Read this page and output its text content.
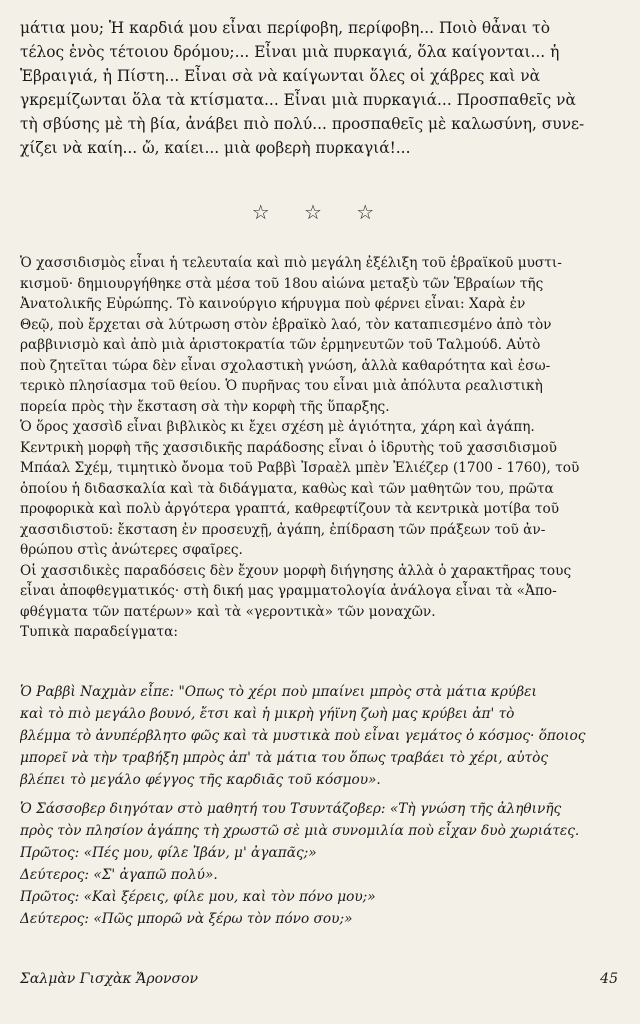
μάτια μου; Ἡ καρδιά μου εἶναι περίφοβη, περίφοβη... Ποιὸ θἆναι τὸ
τέλος ἑνὸς τέτοιου δρόμου;... Εἶναι μιὰ πυρκαγιά, ὅλα καίγονται... ἡ
Ἑβραιγιά, ἡ Πίστη... Εἶναι σὰ νὰ καίγωνται ὅλες οἱ χάβρες καὶ νὰ
γκρεμίζωνται ὅλα τὰ κτίσματα... Εἶναι μιὰ πυρκαγιά... Προσπαθεῖς νὰ
τὴ σβύσης μὲ τὴ βία, ἀνάβει πιὸ πολύ... προσπαθεῖς μὲ καλωσύνη, συνε-
χίζει νὰ καίη... ὤ, καίει... μιὰ φοβερὴ πυρκαγιά!...

☆ ☆ ☆

Ὁ χασσιδισμὸς εἶναι ἡ τελευταία καὶ πιὸ μεγάλη ἐξέλιξη τοῦ ἑβραϊκοῦ μυστι-
κισμοῦ· δημιουργήθηκε στὰ μέσα τοῦ 18ου αἰώνα μεταξὺ τῶν Ἑβραίων τῆς
Ἀνατολικῆς Εὐρώπης. Τὸ καινούργιο κήρυγμα ποὺ φέρνει εἶναι: Χαρὰ ἐν
Θεῷ, ποὺ ἔρχεται σὰ λύτρωση στὸν ἑβραϊκὸ λαό, τὸν καταπιεσμένο ἀπὸ τὸν
ραββινισμὸ καὶ ἀπὸ μιὰ ἀριστοκρατία τῶν ἑρμηνευτῶν τοῦ Ταλμούδ. Αὐτὸ
ποὺ ζητεῖται τώρα δὲν εἶναι σχολαστικὴ γνώση, ἀλλὰ καθαρότητα καὶ ἐσω-
τερικὸ πλησίασμα τοῦ θείου. Ὁ πυρῆνας του εἶναι μιὰ ἀπόλυτα ρεαλιστικὴ
πορεία πρὸς τὴν ἔκσταση σὰ τὴν κορφὴ τῆς ὕπαρξης.
Ὁ ὅρος χασσὶδ εἶναι βιβλικὸς κι ἔχει σχέση μὲ ἁγιότητα, χάρη καὶ ἀγάπη.
Κεντρικὴ μορφὴ τῆς χασσιδικῆς παράδοσης εἶναι ὁ ἱδρυτὴς τοῦ χασσιδισμοῦ
Μπάαλ Σχέμ, τιμητικὸ ὄνομα τοῦ Ραββὶ Ἰσραὲλ μπὲν Ἐλιέζερ (1700 - 1760), τοῦ
ὁποίου ἡ διδασκαλία καὶ τὰ διδάγματα, καθὼς καὶ τῶν μαθητῶν του, πρῶτα
προφορικὰ καὶ πολὺ ἀργότερα γραπτά, καθρεφτίζουν τὰ κεντρικὰ μοτίβα τοῦ
χασσιδιστοῦ: ἔκσταση ἐν προσευχῇ, ἀγάπη, ἐπίδραση τῶν πράξεων τοῦ ἀν-
θρώπου στὶς ἀνώτερες σφαῖρες.
Οἱ χασσιδικὲς παραδόσεις δὲν ἔχουν μορφὴ διήγησης ἀλλὰ ὁ χαρακτῆρας τους
εἶναι ἀποφθεγματικός· στὴ δική μας γραμματολογία ἀνάλογα εἶναι τὰ «Ἀπο-
φθέγματα τῶν πατέρων» καὶ τὰ «γεροντικὰ» τῶν μοναχῶν.
Τυπικὰ παραδείγματα:

Ὁ Ραββὶ Ναχμὰν εἶπε: "Οπως τὸ χέρι ποὺ μπαίνει μπρὸς στὰ μάτια κρύβει
καὶ τὸ πιὸ μεγάλο βουνό, ἔτσι καὶ ἡ μικρὴ γήϊνη ζωὴ μας κρύβει ἀπ' τὸ
βλέμμα τὸ ἀνυπέρβλητο φῶς καὶ τὰ μυστικὰ ποὺ εἶναι γεμάτος ὁ κόσμος· ὅποιος
μπορεῖ νὰ τὴν τραβήξη μπρὸς ἀπ' τὰ μάτια του ὅπως τραβάει τὸ χέρι, αὐτὸς
βλέπει τὸ μεγάλο φέγγος τῆς καρδιᾶς τοῦ κόσμου».

Ὁ Σάσσοβερ διηγόταν στὸ μαθητή του Τσυντάζοβερ: «Τὴ γνώση τῆς ἀληθινῆς
πρὸς τὸν πλησίον ἀγάπης τὴ χρωστῶ σὲ μιὰ συνομιλία ποὺ εἶχαν δυὸ χωριάτες.
Πρῶτος: «Πές μου, φίλε Ἰβάν, μ' ἀγαπᾶς;»
Δεύτερος: «Σ' ἀγαπῶ πολύ».
Πρῶτος: «Καὶ ξέρεις, φίλε μου, καὶ τὸν πόνο μου;»
Δεύτερος: «Πῶς μπορῶ νὰ ξέρω τὸν πόνο σου;»

Σαλμὰν Γισχὰκ Ἄρονσον	45
